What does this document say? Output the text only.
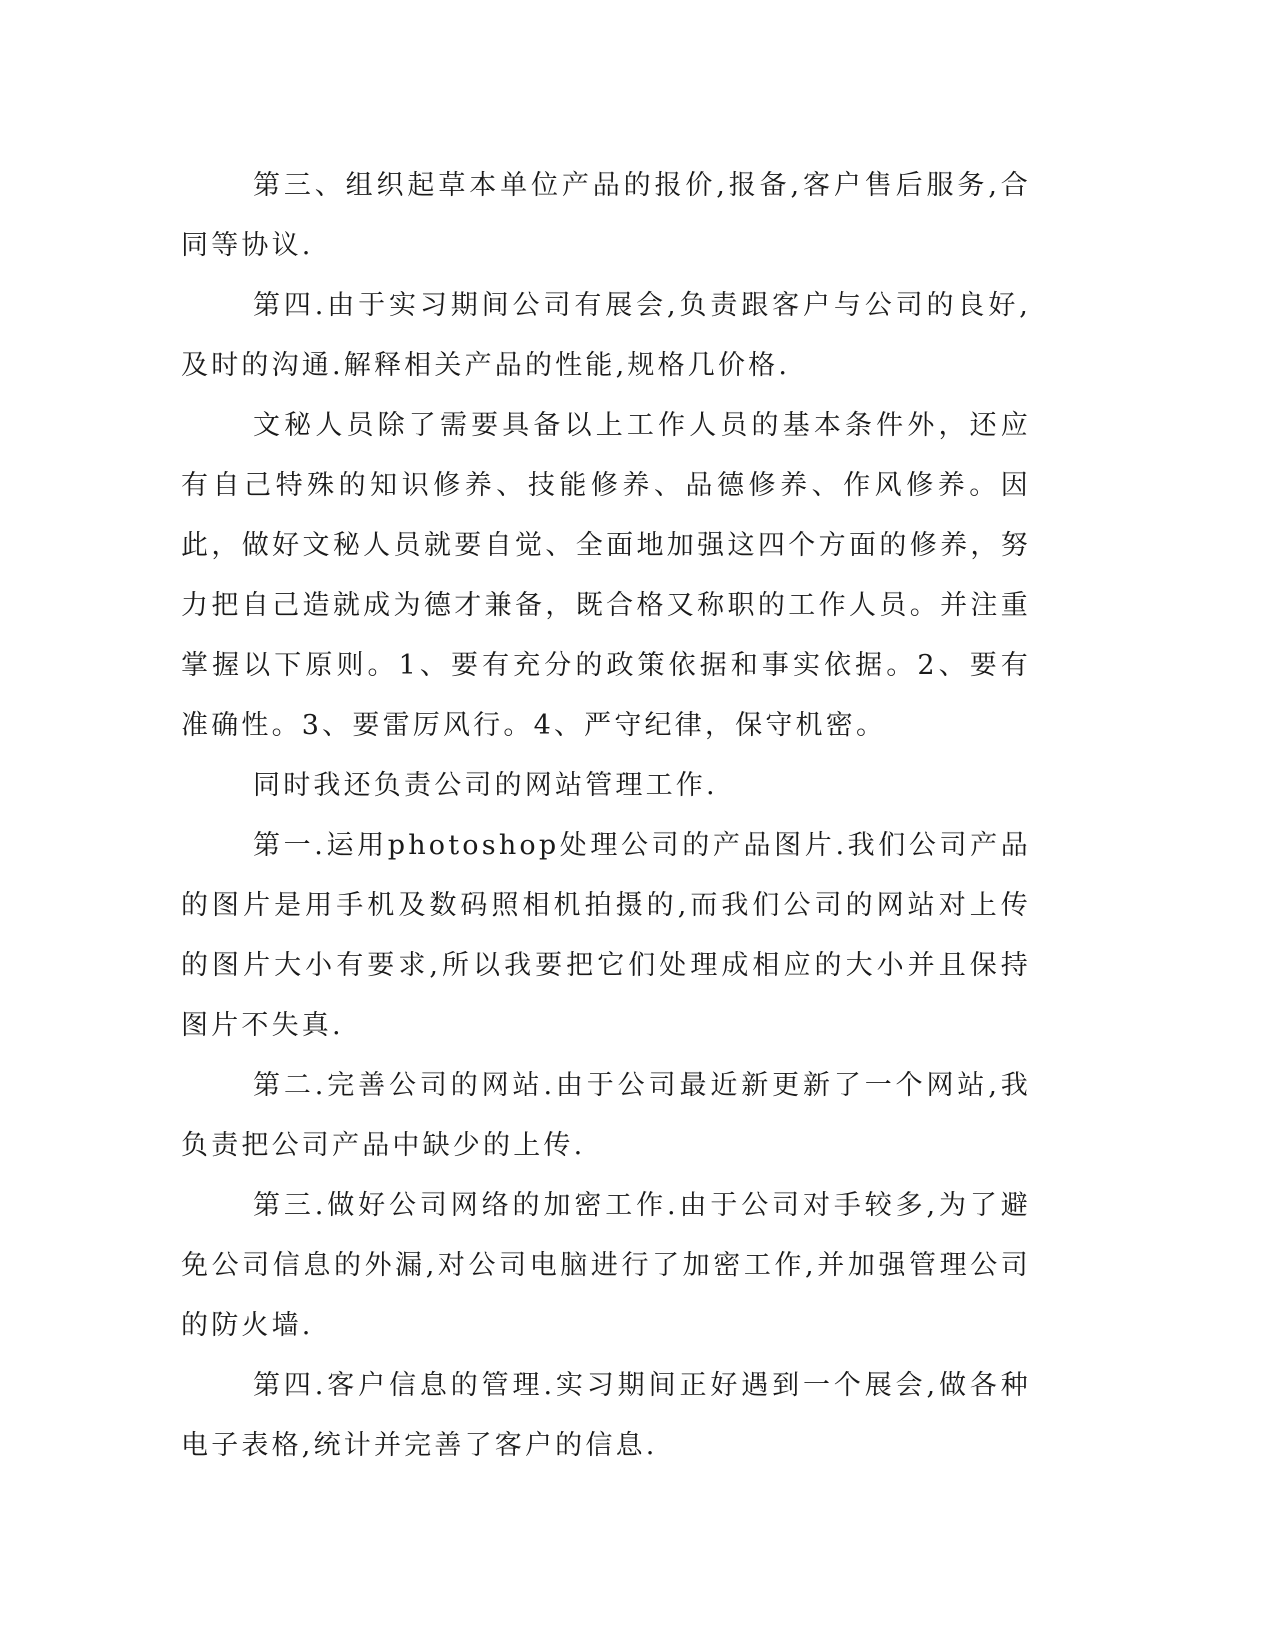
第三、组织起草本单位产品的报价,报备,客户售后服务,合同等协议.

第四.由于实习期间公司有展会,负责跟客户与公司的良好,及时的沟通.解释相关产品的性能,规格几价格.

文秘人员除了需要具备以上工作人员的基本条件外，还应有自己特殊的知识修养、技能修养、品德修养、作风修养。因此，做好文秘人员就要自觉、全面地加强这四个方面的修养，努力把自己造就成为德才兼备，既合格又称职的工作人员。并注重掌握以下原则。1、要有充分的政策依据和事实依据。2、要有准确性。3、要雷厉风行。4、严守纪律，保守机密。

同时我还负责公司的网站管理工作.

第一.运用photoshop处理公司的产品图片.我们公司产品的图片是用手机及数码照相机拍摄的,而我们公司的网站对上传的图片大小有要求,所以我要把它们处理成相应的大小并且保持图片不失真.

第二.完善公司的网站.由于公司最近新更新了一个网站,我负责把公司产品中缺少的上传.

第三.做好公司网络的加密工作.由于公司对手较多,为了避免公司信息的外漏,对公司电脑进行了加密工作,并加强管理公司的防火墙.

第四.客户信息的管理.实习期间正好遇到一个展会,做各种电子表格,统计并完善了客户的信息.
